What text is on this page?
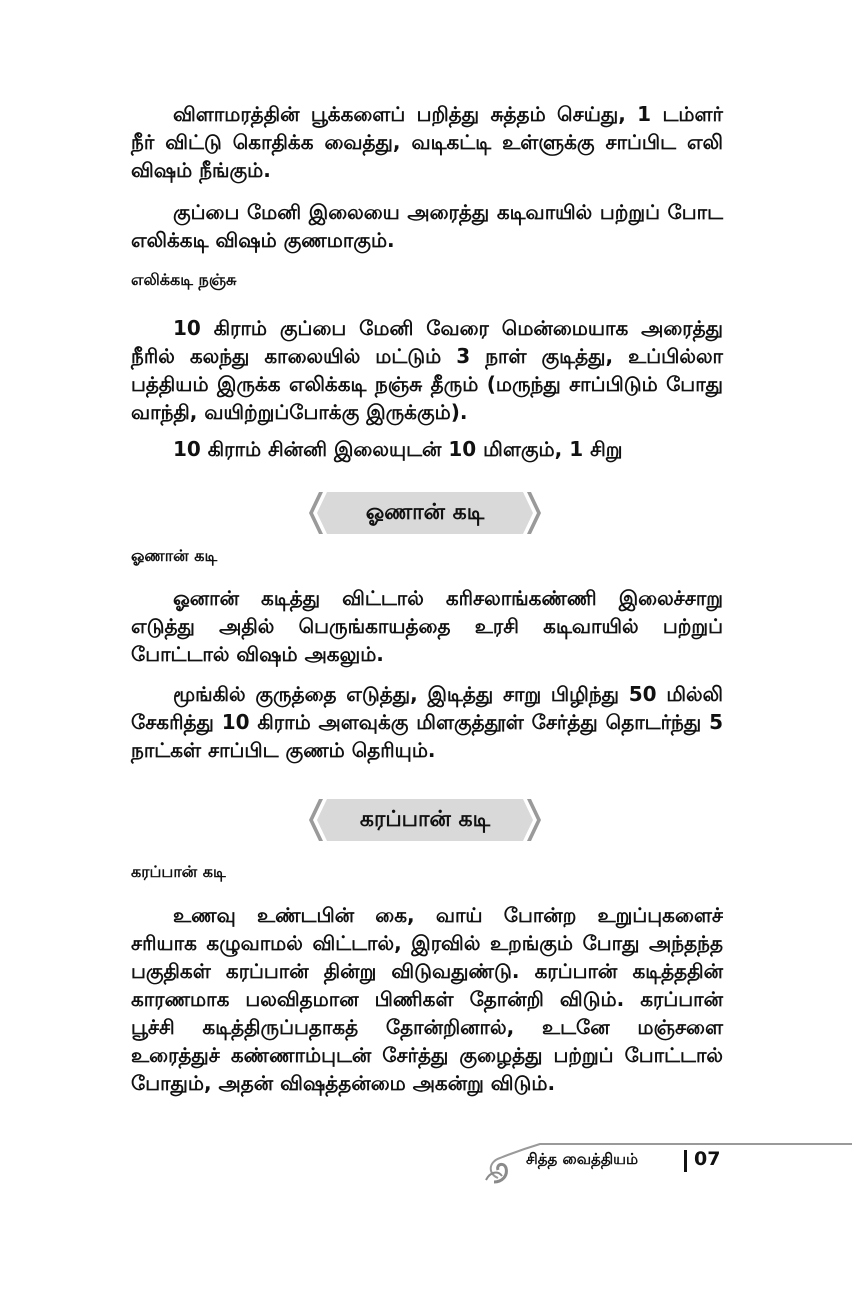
விளாமரத்தின் பூக்களைப் பறித்து சுத்தம் செய்து, 1 டம்ளர் நீர் விட்டு கொதிக்க வைத்து, வடிகட்டி உள்ளுக்கு சாப்பிட எலி விஷம் நீங்கும்.

குப்பை மேனி இலையை அரைத்து கடிவாயில் பற்றுப் போட எலிக்கடி விஷம் குணமாகும்.

எலிக்கடி நஞ்சு

10 கிராம் குப்பை மேனி வேரை மென்மையாக அரைத்து நீரில் கலந்து காலையில் மட்டும் 3 நாள் குடித்து, உப்பில்லா பத்தியம் இருக்க எலிக்கடி நஞ்சு தீரும் (மருந்து சாப்பிடும் போது வாந்தி, வயிற்றுப்போக்கு இருக்கும்).

10 கிராம் சின்னி இலையுடன் 10 மிளகும், 1 சிறு

ஓணான் கடி

ஓணான் கடி

ஓனான் கடித்து விட்டால் கரிசலாங்கண்ணி இலைச்சாறு எடுத்து அதில் பெருங்காயத்தை உரசி கடிவாயில் பற்றுப் போட்டால் விஷம் அகலும்.

மூங்கில் குருத்தை எடுத்து, இடித்து சாறு பிழிந்து 50 மில்லி சேகரித்து 10 கிராம் அளவுக்கு மிளகுத்தூள் சேர்த்து தொடர்ந்து 5 நாட்கள் சாப்பிட குணம் தெரியும்.

கரப்பான் கடி

கரப்பான் கடி

உணவு உண்டபின் கை, வாய் போன்ற உறுப்புகளைச் சரியாக கழுவாமல் விட்டால், இரவில் உறங்கும் போது அந்தந்த பகுதிகள் கரப்பான் தின்று விடுவதுண்டு. கரப்பான் கடித்ததின் காரணமாக பலவிதமான பிணிகள் தோன்றி விடும். கரப்பான் பூச்சி கடித்திருப்பதாகத் தோன்றினால், உடனே மஞ்சளை உரைத்துச் கண்ணாம்புடன் சேர்த்து குழைத்து பற்றுப் போட்டால் போதும், அதன் விஷத்தன்மை அகன்று விடும்.

சித்த வைத்தியம்	07
